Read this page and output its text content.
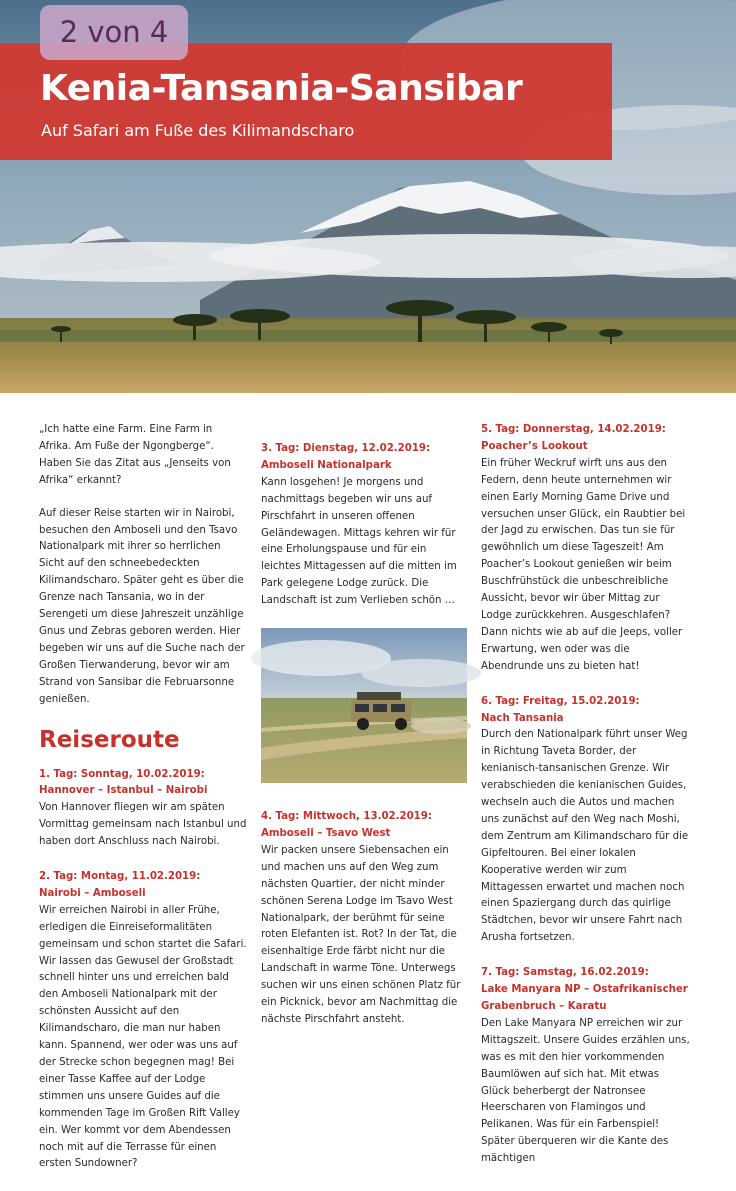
2 von 4
Kenia-Tansania-Sansibar
Auf Safari am Fuße des Kilimandscharo

„Ich hatte eine Farm. Eine Farm in Afrika. Am Fuße der Ngongberge“. Haben Sie das Zitat aus „Jenseits von Afrika“ erkannt?

Auf dieser Reise starten wir in Nairobi, besuchen den Amboseli und den Tsavo Nationalpark mit ihrer so herrlichen Sicht auf den schneebedeckten Kilimandscharo. Später geht es über die Grenze nach Tansania, wo in der Serengeti um diese Jahreszeit unzählige Gnus und Zebras geboren werden. Hier begeben wir uns auf die Suche nach der Großen Tierwanderung, bevor wir am Strand von Sansibar die Februarsonne genießen.

Reiseroute
1. Tag: Sonntag, 10.02.2019:
Hannover – Istanbul – Nairobi
Von Hannover fliegen wir am späten Vormittag gemeinsam nach Istanbul und haben dort Anschluss nach Nairobi.
2. Tag: Montag, 11.02.2019:
Nairobi – Amboseli
Wir erreichen Nairobi in aller Frühe, erledigen die Einreiseformalitäten gemeinsam und schon startet die Safari. Wir lassen das Gewusel der Großstadt schnell hinter uns und erreichen bald den Amboseli Nationalpark mit der schönsten Aussicht auf den Kilimandscharo, die man nur haben kann. Spannend, wer oder was uns auf der Strecke schon begegnen mag! Bei einer Tasse Kaffee auf der Lodge stimmen uns unsere Guides auf die kommenden Tage im Großen Rift Valley ein. Wer kommt vor dem Abendessen noch mit auf die Terrasse für einen ersten Sundowner?
3. Tag: Dienstag, 12.02.2019:
Amboseli Nationalpark
Kann losgehen! Je morgens und nachmittags begeben wir uns auf Pirschfahrt in unseren offenen Geländewagen. Mittags kehren wir für eine Erholungspause und für ein leichtes Mittagessen auf die mitten im Park gelegene Lodge zurück. Die Landschaft ist zum Verlieben schön …
4. Tag: Mittwoch, 13.02.2019:
Amboseli – Tsavo West
Wir packen unsere Siebensachen ein und machen uns auf den Weg zum nächsten Quartier, der nicht minder schönen Serena Lodge im Tsavo West Nationalpark, der berühmt für seine roten Elefanten ist. Rot? In der Tat, die eisenhaltige Erde färbt nicht nur die Landschaft in warme Töne. Unterwegs suchen wir uns einen schönen Platz für ein Picknick, bevor am Nachmittag die nächste Pirschfahrt ansteht.
5. Tag: Donnerstag, 14.02.2019:
Poacher’s Lookout
Ein früher Weckruf wirft uns aus den Federn, denn heute unternehmen wir einen Early Morning Game Drive und versuchen unser Glück, ein Raubtier bei der Jagd zu erwischen. Das tun sie für gewöhnlich um diese Tageszeit! Am Poacher’s Lookout genießen wir beim Buschfrühstück die unbeschreibliche Aussicht, bevor wir über Mittag zur Lodge zurückkehren. Ausgeschlafen? Dann nichts wie ab auf die Jeeps, voller Erwartung, wen oder was die Abendrunde uns zu bieten hat!
6. Tag: Freitag, 15.02.2019:
Nach Tansania
Durch den Nationalpark führt unser Weg in Richtung Taveta Border, der kenianisch-tansanischen Grenze. Wir verabschieden die kenianischen Guides, wechseln auch die Autos und machen uns zunächst auf den Weg nach Moshi, dem Zentrum am Kilimandscharo für die Gipfeltouren. Bei einer lokalen Kooperative werden wir zum Mittagessen erwartet und machen noch einen Spaziergang durch das quirlige Städtchen, bevor wir unsere Fahrt nach Arusha fortsetzen.
7. Tag: Samstag, 16.02.2019:
Lake Manyara NP – Ostafrikanischer Grabenbruch – Karatu
Den Lake Manyara NP erreichen wir zur Mittagszeit. Unsere Guides erzählen uns, was es mit den hier vorkommenden Baumlöwen auf sich hat. Mit etwas Glück beherbergt der Natronsee Heerscharen von Flamingos und Pelikanen. Was für ein Farbenspiel! Später überqueren wir die Kante des mächtigen
